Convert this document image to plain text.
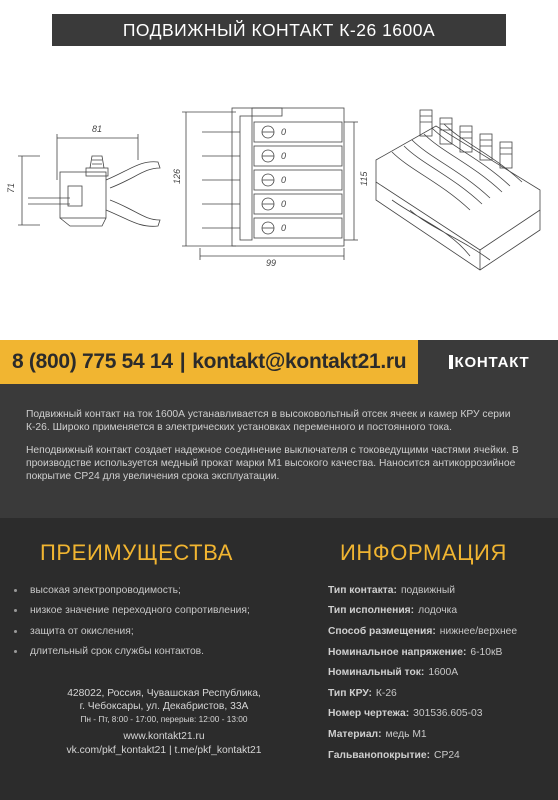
ПОДВИЖНЫЙ КОНТАКТ К-26 1600А
81
71
126	115
99
0
0
0
0
0
8 (800) 775 54 14 | kontakt@kontakt21.ru	КОНТАКТ

Подвижный контакт на ток 1600А устанавливается в высоковольтный отсек ячеек и камер КРУ серии К-26. Широко применяется в электрических установках переменного и постоянного тока.

Неподвижный контакт создает надежное соединение выключателя с токоведущими частями ячейки. В производстве используется медный прокат марки М1 высокого качества. Наносится антикоррозийное покрытие СР24 для увеличения срока эксплуатации.

ПРЕИМУЩЕСТВА	ИНФОРМАЦИЯ
высокая электропроводимость;
низкое значение переходного сопротивления;
защита от окисления;
длительный срок службы контактов.
Тип контакта: подвижный
Тип исполнения: лодочка
Способ размещения: нижнее/верхнее
Номинальное напряжение: 6-10кВ
Номинальный ток: 1600А
Тип КРУ: К-26
Номер чертежа: 301536.605-03
Материал: медь М1
Гальванопокрытие: СР24
428022, Россия, Чувашская Республика,
г. Чебоксары, ул. Декабристов, 33А
Пн - Пт, 8:00 - 17:00, перерыв: 12:00 - 13:00
www.kontakt21.ru
vk.com/pkf_kontakt21 | t.me/pkf_kontakt21
